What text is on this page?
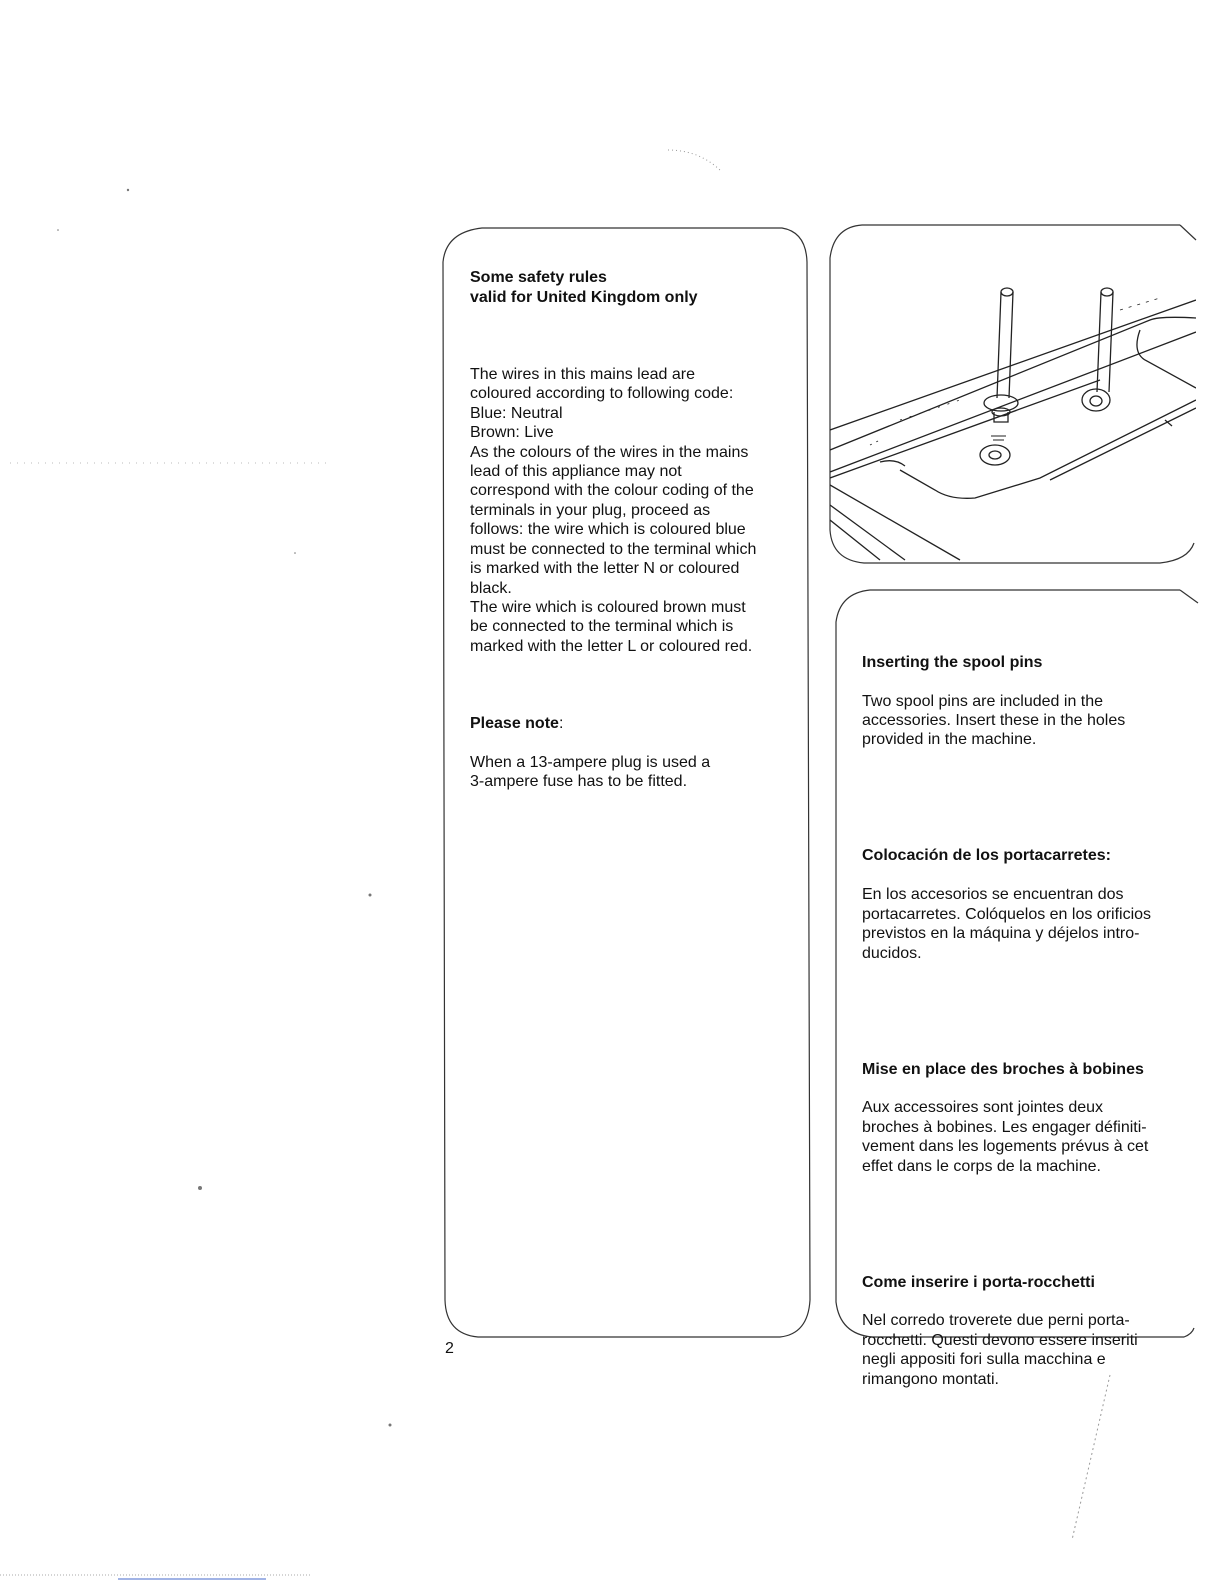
Some safety rules
valid for United Kingdom only

The wires in this mains lead are
coloured according to following code:
Blue: Neutral
Brown: Live
As the colours of the wires in the mains
lead of this appliance may not
correspond with the colour coding of the
terminals in your plug, proceed as
follows: the wire which is coloured blue
must be connected to the terminal which
is marked with the letter N or coloured
black.
The wire which is coloured brown must
be connected to the terminal which is
marked with the letter L or coloured red.

Please note:

When a 13-ampere plug is used a
3-ampere fuse has to be fitted.

Inserting the spool pins

Two spool pins are included in the
accessories. Insert these in the holes
provided in the machine.

Colocación de los portacarretes:

En los accesorios se encuentran dos
portacarretes. Colóquelos en los orificios
previstos en la máquina y déjelos intro-
ducidos.

Mise en place des broches à bobines

Aux accessoires sont jointes deux
broches à bobines. Les engager définiti-
vement dans les logements prévus à cet
effet dans le corps de la machine.

Come inserire i porta-rocchetti

Nel corredo troverete due perni porta-
rocchetti. Questi devono essere inseriti
negli appositi fori sulla macchina e
rimangono montati.

2
